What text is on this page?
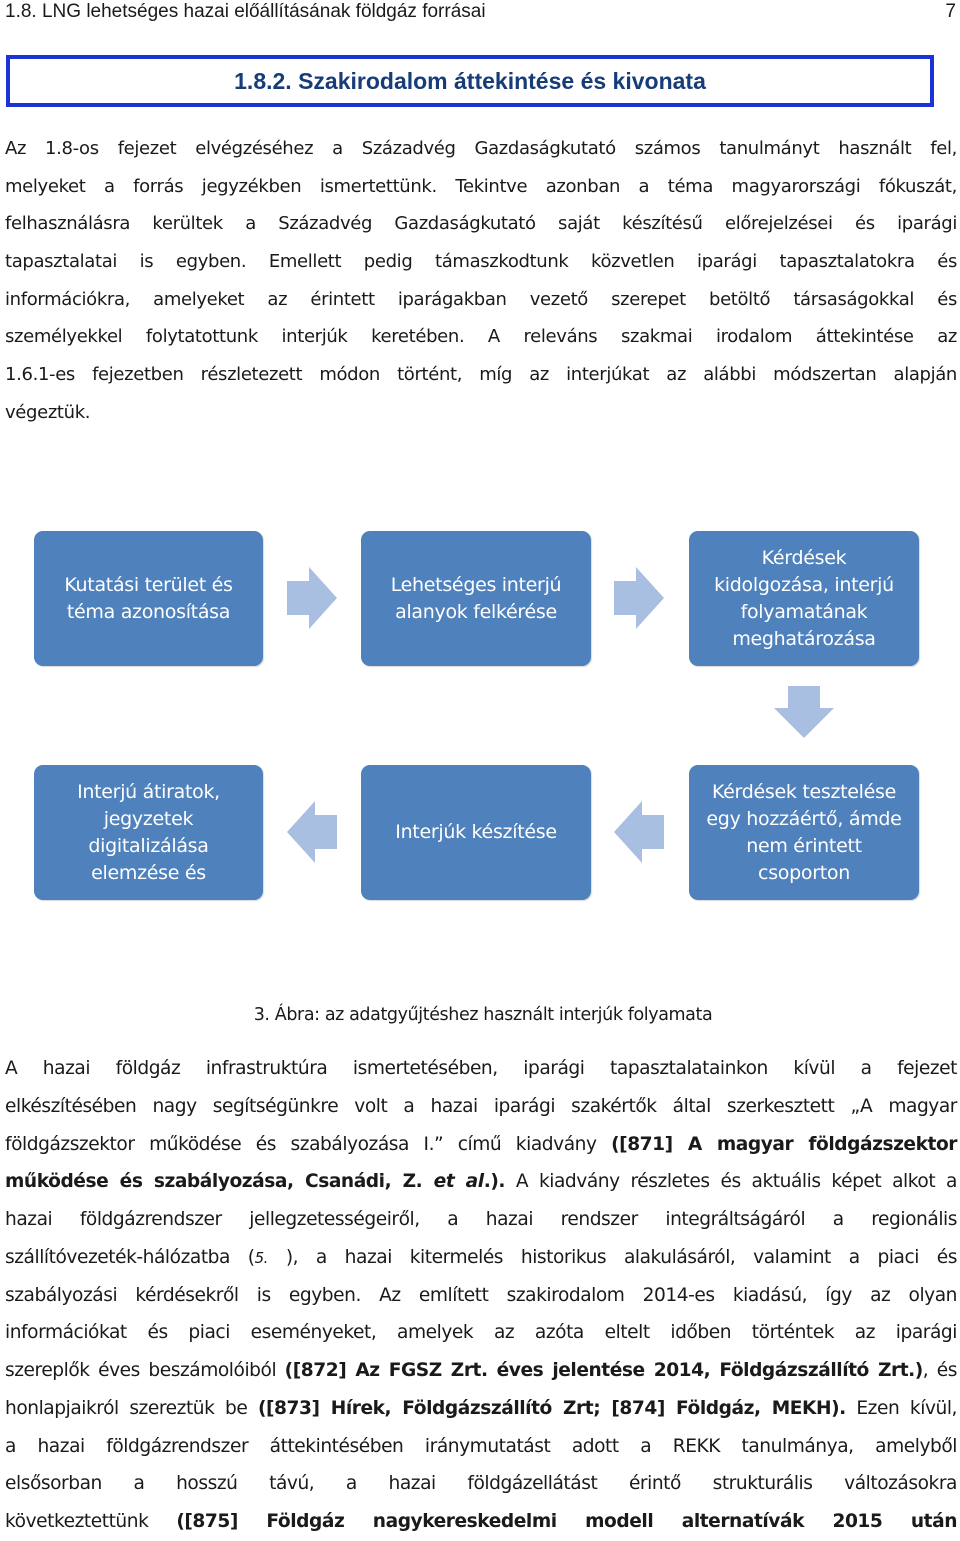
1.8. LNG lehetséges hazai előállításának földgáz forrásai	7
1.8.2. Szakirodalom áttekintése és kivonata
Az 1.8-os fejezet elvégzéséhez a Századvég Gazdaságkutató számos tanulmányt használt fel,
melyeket a forrás jegyzékben ismertettünk. Tekintve azonban a téma magyarországi fókuszát,
felhasználásra kerültek a Századvég Gazdaságkutató saját készítésű előrejelzései és iparági
tapasztalatai is egyben. Emellett pedig támaszkodtunk közvetlen iparági tapasztalatokra és
információkra, amelyeket az érintett iparágakban vezető szerepet betöltő társaságokkal és
személyekkel folytatottunk interjúk keretében. A releváns szakmai irodalom áttekintése az
1.6.1-es fejezetben részletezett módon történt, míg az interjúkat az alábbi módszertan alapján
végeztük.
Kutatási terület és
téma azonosítása
Lehetséges interjú
alanyok felkérése
Kérdések
kidolgozása, interjú
folyamatának
meghatározása
Interjú átiratok,
jegyzetek
digitalizálása
elemzése és
Interjúk készítése
Kérdések tesztelése
egy hozzáértő, ámde
nem érintett
csoporton
3. Ábra: az adatgyűjtéshez használt interjúk folyamata
A hazai földgáz infrastruktúra ismertetésében, iparági tapasztalatainkon kívül a fejezet
elkészítésében nagy segítségünkre volt a hazai iparági szakértők által szerkesztett „A magyar
földgázszektor működése és szabályozása I.” című kiadvány ([871] A magyar földgázszektor
működése és szabályozása, Csanádi, Z. et al.). A kiadvány részletes és aktuális képet alkot a
hazai földgázrendszer jellegzetességeiről, a hazai rendszer integráltságáról a regionális
szállítóvezeték-hálózatba (5. ), a hazai kitermelés historikus alakulásáról, valamint a piaci és
szabályozási kérdésekről is egyben. Az említett szakirodalom 2014-es kiadású, így az olyan
információkat és piaci eseményeket, amelyek az azóta eltelt időben történtek az iparági
szereplők éves beszámolóiból ([872] Az FGSZ Zrt. éves jelentése 2014, Földgázszállító Zrt.), és
honlapjaikról szereztük be ([873] Hírek, Földgázszállító Zrt; [874] Földgáz, MEKH). Ezen kívül,
a hazai földgázrendszer áttekintésében iránymutatást adott a REKK tanulmánya, amelyből
elsősorban a hosszú távú, a hazai földgázellátást érintő strukturális változásokra
következtettünk ([875] Földgáz nagykereskedelmi modell alternatívák 2015 után
